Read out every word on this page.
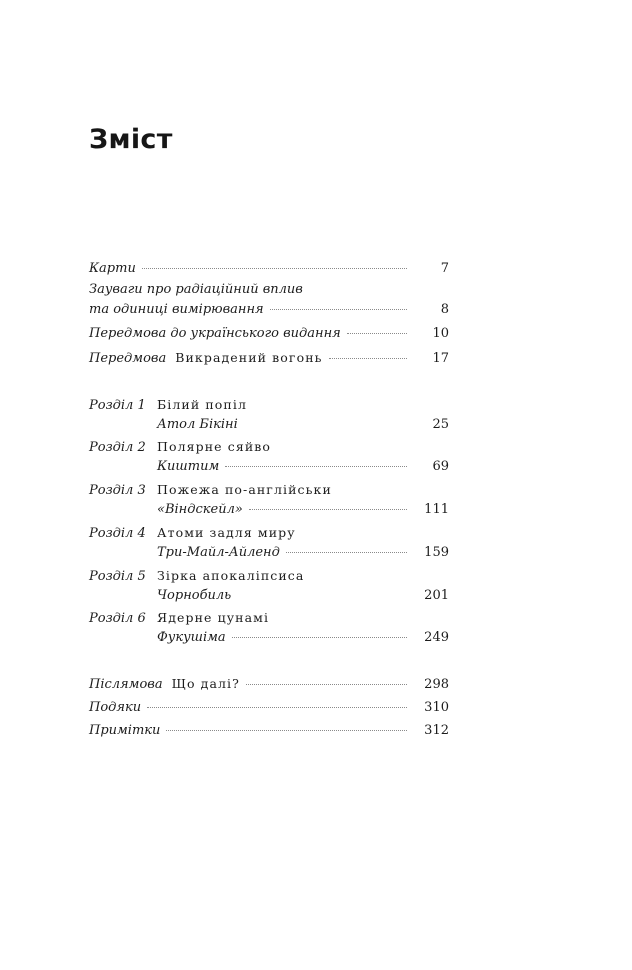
Зміст
Карти	7
Зауваги про радіаційний вплив
та одиниці вимірювання	8
Передмова до українського видання	10
Передмова Викрадений вогонь	17
Розділ 1 Білий попіл
Атол Бікіні	25
Розділ 2 Полярне сяйво
Киштим	69
Розділ 3 Пожежа по-англійськи
«Віндскейл»	111
Розділ 4 Атоми задля миру
Три-Майл-Айленд	159
Розділ 5 Зірка апокаліпсиса
Чорнобиль	201
Розділ 6 Ядерне цунамі
Фукушіма	249
Післямова Що далі?	298
Подяки	310
Примітки	312
